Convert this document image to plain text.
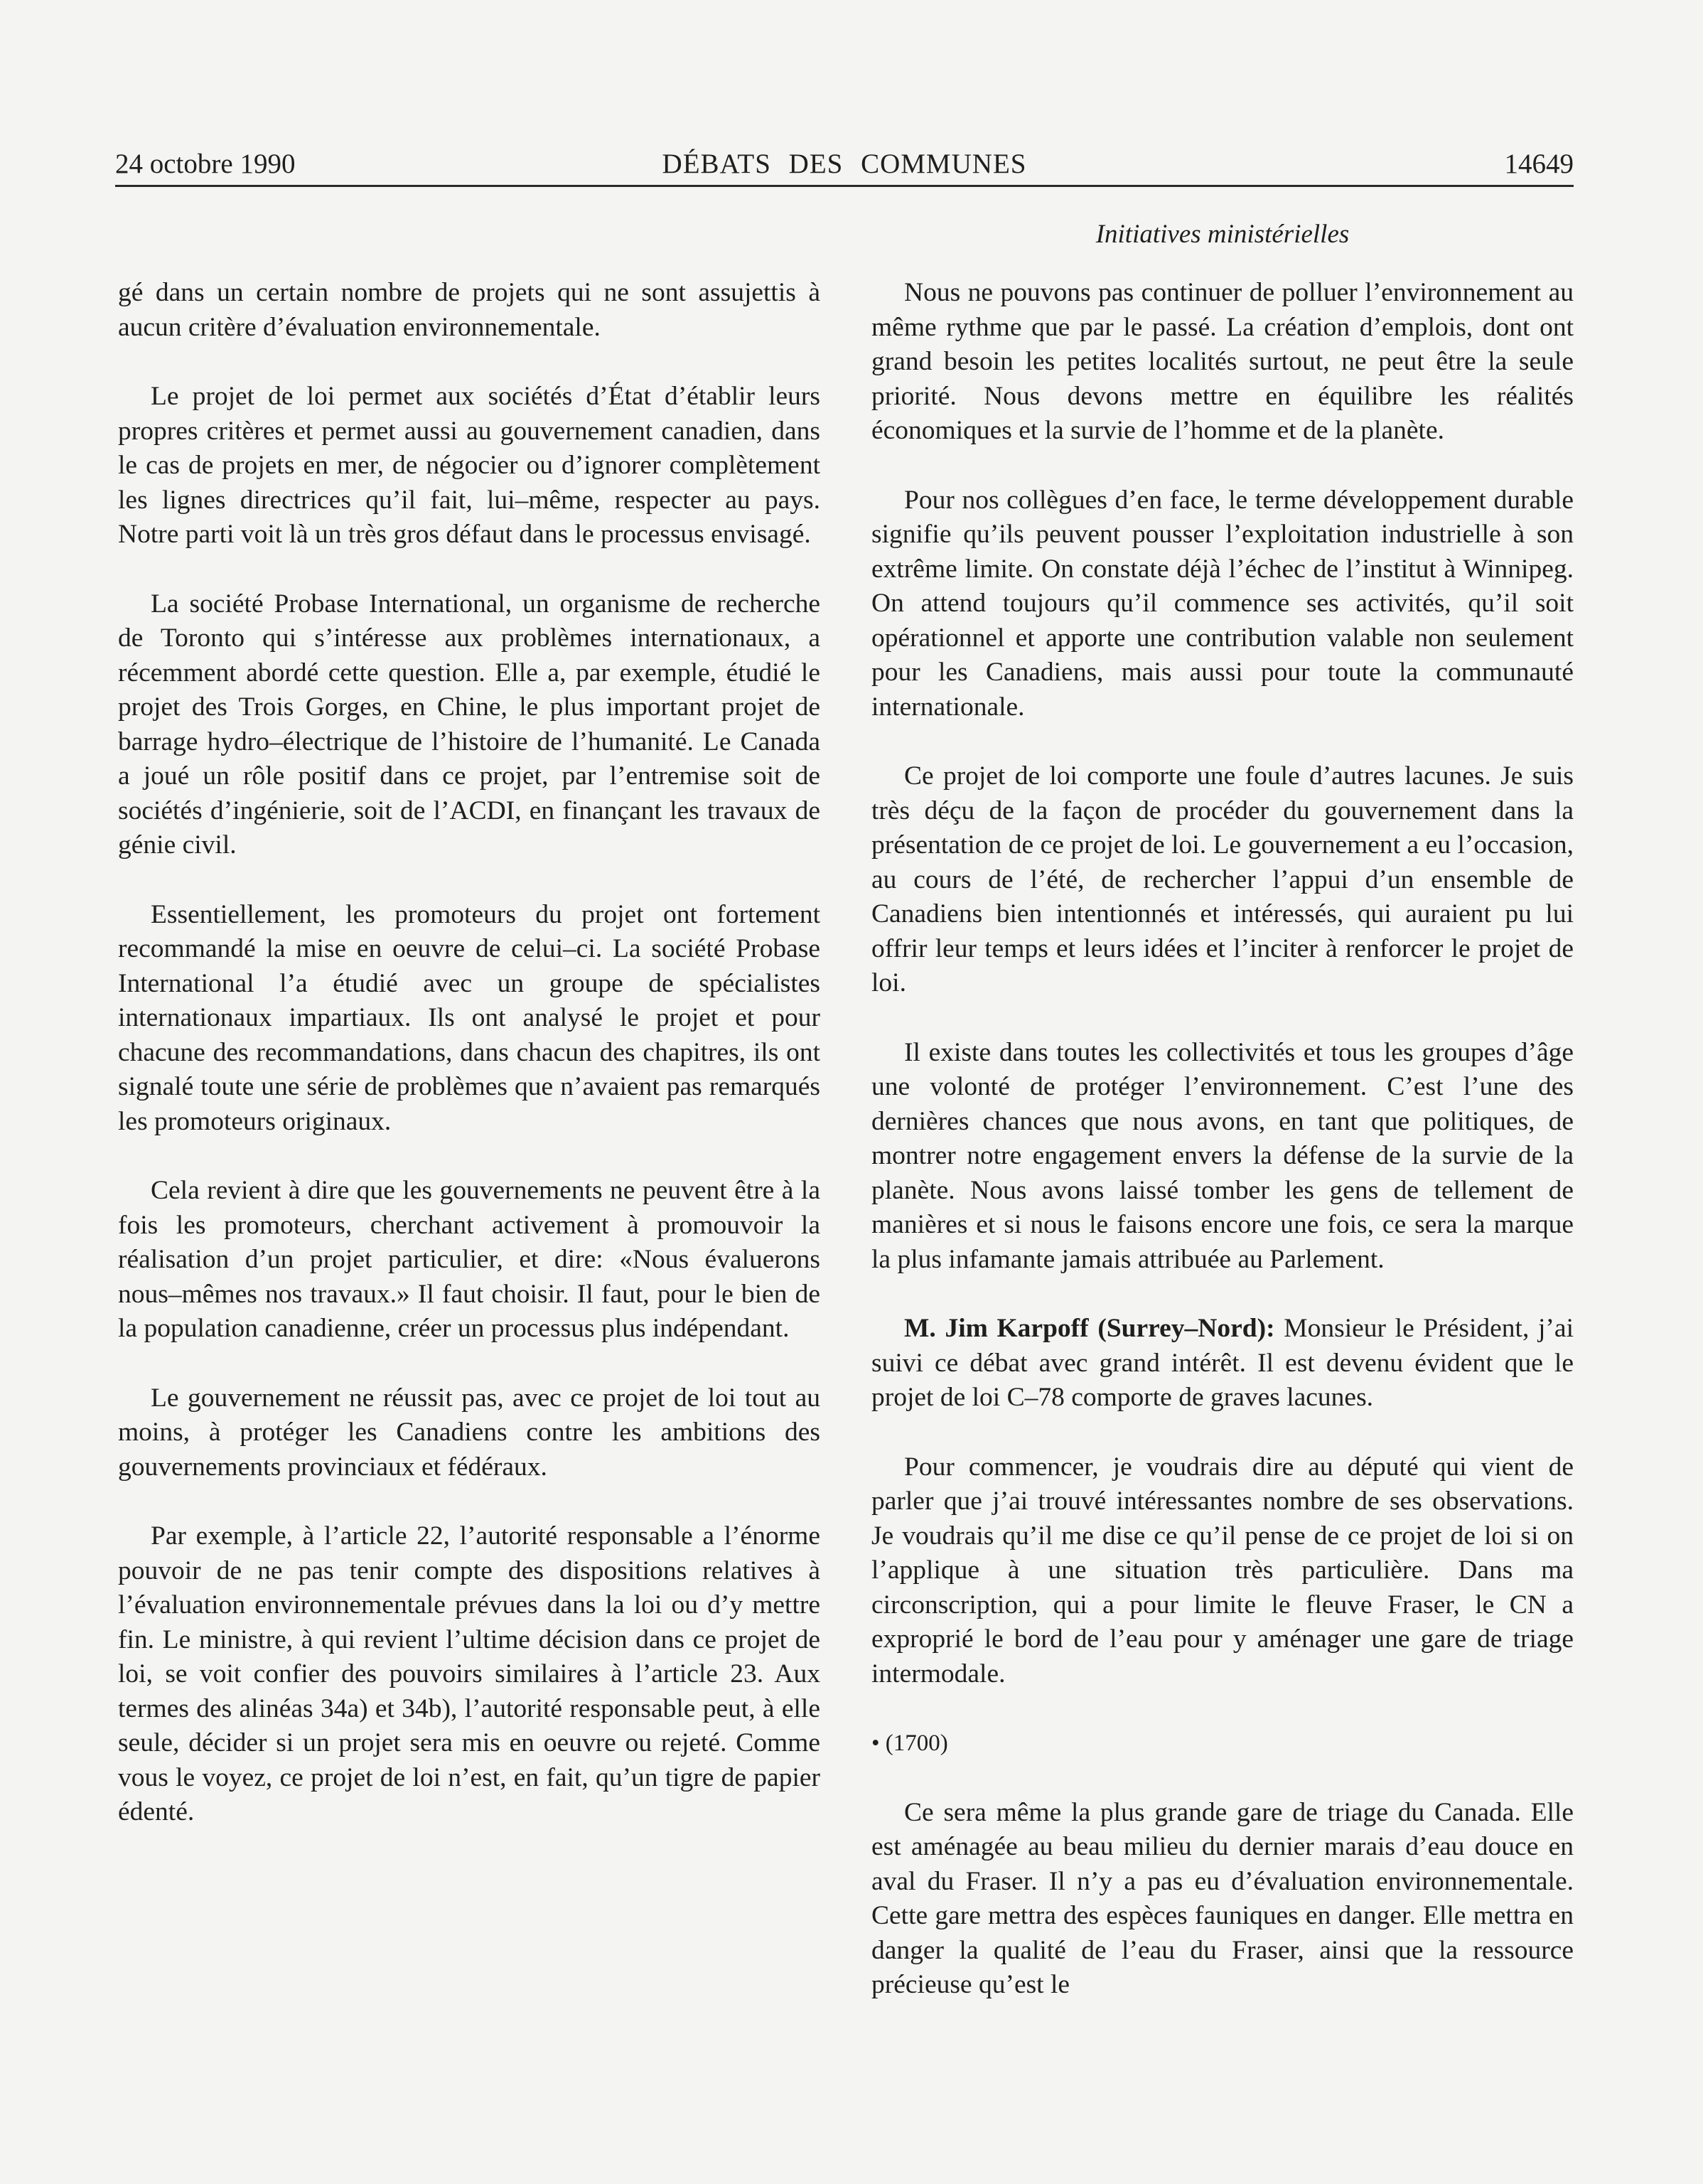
24 octobre 1990	DÉBATS DES COMMUNES	14649
Initiatives ministérielles

gé dans un certain nombre de projets qui ne sont assujettis à aucun critère d’évaluation environnementale.

Le projet de loi permet aux sociétés d’État d’établir leurs propres critères et permet aussi au gouvernement canadien, dans le cas de projets en mer, de négocier ou d’ignorer complètement les lignes directrices qu’il fait, lui–même, respecter au pays. Notre parti voit là un très gros défaut dans le processus envisagé.

La société Probase International, un organisme de recherche de Toronto qui s’intéresse aux problèmes internationaux, a récemment abordé cette question. Elle a, par exemple, étudié le projet des Trois Gorges, en Chine, le plus important projet de barrage hydro–électrique de l’histoire de l’humanité. Le Canada a joué un rôle positif dans ce projet, par l’entremise soit de sociétés d’ingénierie, soit de l’ACDI, en finançant les travaux de génie civil.

Essentiellement, les promoteurs du projet ont fortement recommandé la mise en oeuvre de celui–ci. La société Probase International l’a étudié avec un groupe de spécialistes internationaux impartiaux. Ils ont analysé le projet et pour chacune des recommandations, dans chacun des chapitres, ils ont signalé toute une série de problèmes que n’avaient pas remarqués les promoteurs originaux.

Cela revient à dire que les gouvernements ne peuvent être à la fois les promoteurs, cherchant activement à promouvoir la réalisation d’un projet particulier, et dire: «Nous évaluerons nous–mêmes nos travaux.» Il faut choisir. Il faut, pour le bien de la population canadienne, créer un processus plus indépendant.

Le gouvernement ne réussit pas, avec ce projet de loi tout au moins, à protéger les Canadiens contre les ambitions des gouvernements provinciaux et fédéraux.

Par exemple, à l’article 22, l’autorité responsable a l’énorme pouvoir de ne pas tenir compte des dispositions relatives à l’évaluation environnementale prévues dans la loi ou d’y mettre fin. Le ministre, à qui revient l’ultime décision dans ce projet de loi, se voit confier des pouvoirs similaires à l’article 23. Aux termes des alinéas 34a) et 34b), l’autorité responsable peut, à elle seule, décider si un projet sera mis en oeuvre ou rejeté. Comme vous le voyez, ce projet de loi n’est, en fait, qu’un tigre de papier édenté.

Nous ne pouvons pas continuer de polluer l’environnement au même rythme que par le passé. La création d’emplois, dont ont grand besoin les petites localités surtout, ne peut être la seule priorité. Nous devons mettre en équilibre les réalités économiques et la survie de l’homme et de la planète.

Pour nos collègues d’en face, le terme développement durable signifie qu’ils peuvent pousser l’exploitation industrielle à son extrême limite. On constate déjà l’échec de l’institut à Winnipeg. On attend toujours qu’il commence ses activités, qu’il soit opérationnel et apporte une contribution valable non seulement pour les Canadiens, mais aussi pour toute la communauté internationale.

Ce projet de loi comporte une foule d’autres lacunes. Je suis très déçu de la façon de procéder du gouvernement dans la présentation de ce projet de loi. Le gouvernement a eu l’occasion, au cours de l’été, de rechercher l’appui d’un ensemble de Canadiens bien intentionnés et intéressés, qui auraient pu lui offrir leur temps et leurs idées et l’inciter à renforcer le projet de loi.

Il existe dans toutes les collectivités et tous les groupes d’âge une volonté de protéger l’environnement. C’est l’une des dernières chances que nous avons, en tant que politiques, de montrer notre engagement envers la défense de la survie de la planète. Nous avons laissé tomber les gens de tellement de manières et si nous le faisons encore une fois, ce sera la marque la plus infamante jamais attribuée au Parlement.

M. Jim Karpoff (Surrey–Nord): Monsieur le Président, j’ai suivi ce débat avec grand intérêt. Il est devenu évident que le projet de loi C–78 comporte de graves lacunes.

Pour commencer, je voudrais dire au député qui vient de parler que j’ai trouvé intéressantes nombre de ses observations. Je voudrais qu’il me dise ce qu’il pense de ce projet de loi si on l’applique à une situation très particulière. Dans ma circonscription, qui a pour limite le fleuve Fraser, le CN a exproprié le bord de l’eau pour y aménager une gare de triage intermodale.

• (1700)

Ce sera même la plus grande gare de triage du Canada. Elle est aménagée au beau milieu du dernier marais d’eau douce en aval du Fraser. Il n’y a pas eu d’évaluation environnementale. Cette gare mettra des espèces fauniques en danger. Elle mettra en danger la qualité de l’eau du Fraser, ainsi que la ressource précieuse qu’est le
